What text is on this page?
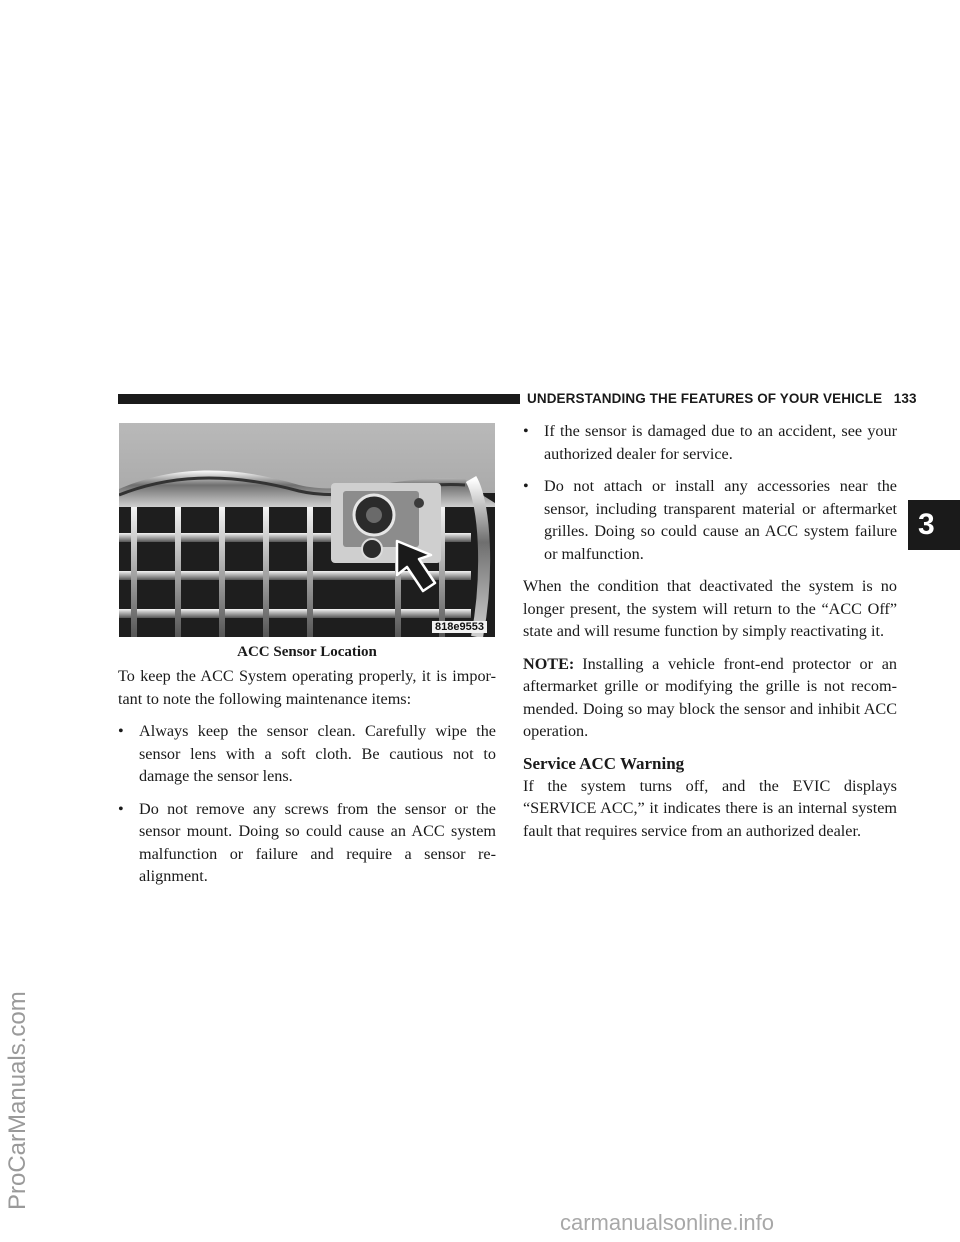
UNDERSTANDING THE FEATURES OF YOUR VEHICLE 133
3
818e9553
ACC Sensor Location

To keep the ACC System operating properly, it is impor-tant to note the following maintenance items:

• Always keep the sensor clean. Carefully wipe the sensor lens with a soft cloth. Be cautious not to damage the sensor lens.
• Do not remove any screws from the sensor or the sensor mount. Doing so could cause an ACC system malfunction or failure and require a sensor re-alignment.
• If the sensor is damaged due to an accident, see your authorized dealer for service.
• Do not attach or install any accessories near the sensor, including transparent material or aftermarket grilles. Doing so could cause an ACC system failure or malfunction.

When the condition that deactivated the system is no longer present, the system will return to the “ACC Off” state and will resume function by simply reactivating it.

NOTE: Installing a vehicle front-end protector or an aftermarket grille or modifying the grille is not recom-mended. Doing so may block the sensor and inhibit ACC operation.

Service ACC Warning

If the system turns off, and the EVIC displays “SERVICE ACC,” it indicates there is an internal system fault that requires service from an authorized dealer.

ProCarManuals.com
carmanualsonline.info
